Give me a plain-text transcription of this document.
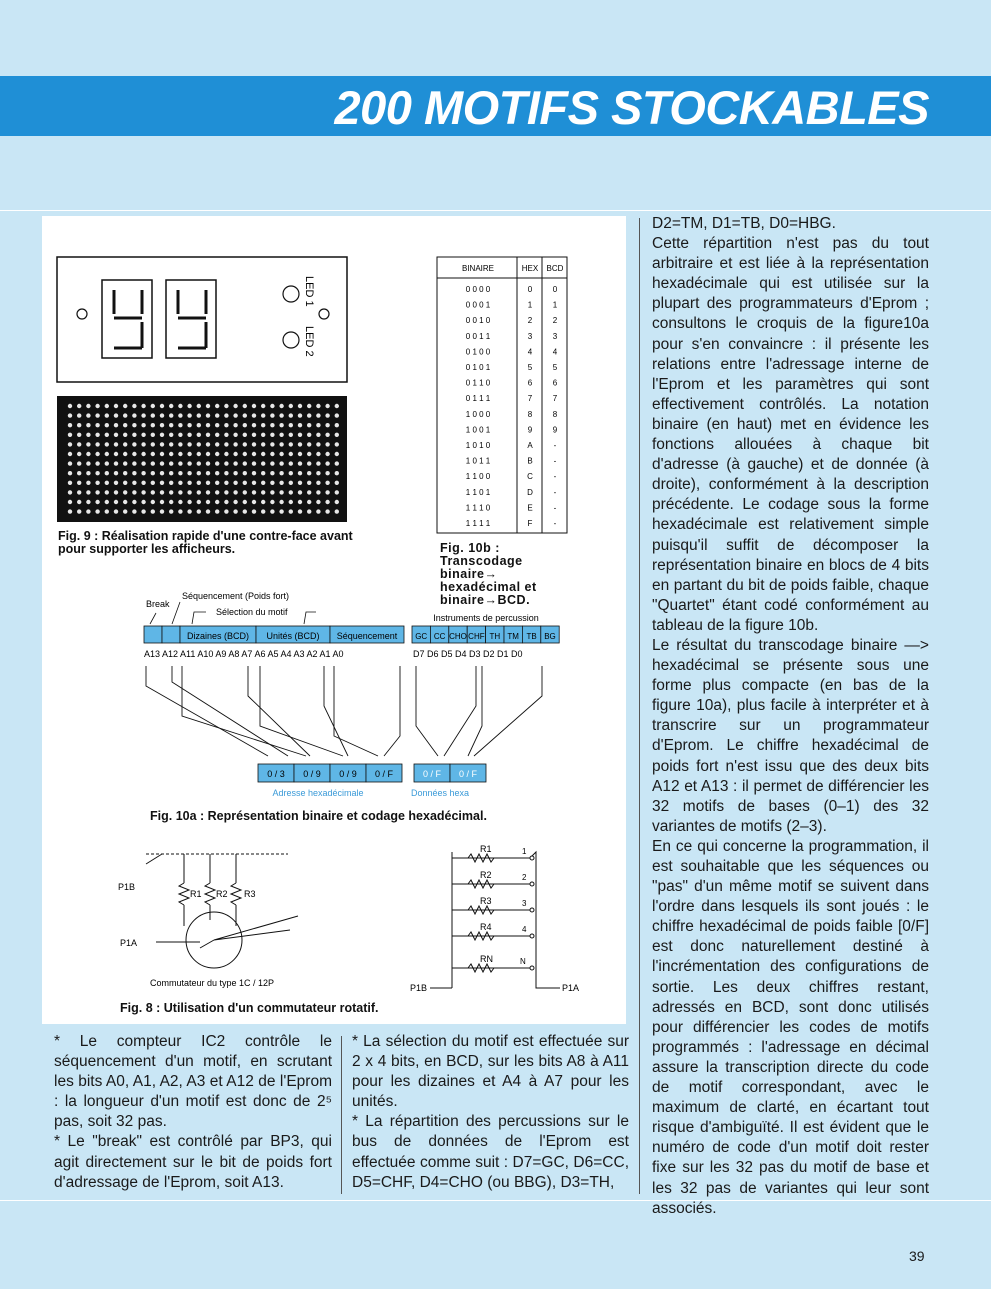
200 MOTIFS STOCKABLES
LED 1
LED 2
Fig. 9 : Réalisation rapide d'une contre-face avant pour supporter les afficheurs.
BINAIRE	HEX BCD
0 0 0 0	0	0
0 0 0 1	1	1
0 0 1 0	2	2
0 0 1 1	3	3
0 1 0 0	4	4
0 1 0 1	5	5
0 1 1 0	6	6
0 1 1 1	7	7
1 0 0 0	8	8
1 0 0 1	9	9
1 0 1 0	A	-
1 0 1 1	B	-
1 1 0 0	C	-
1 1 0 1	D	-
1 1 1 0	E	-
1 1 1 1	F	-
Fig. 10b : Transcodage binaire→ hexadécimal et binaire→BCD.
Break
Séquencement (Poids fort)
Sélection du motif
Dizaines (BCD) Unités (BCD) Séquencement
Instruments de percussion
GC CC CHO CHF TH TM TB BG
A13 A12 A11 A10 A9 A8 A7 A6 A5 A4 A3 A2 A1 A0	D7 D6 D5 D4 D3 D2 D1 D0
0 / 3 0 / 9 0 / 9 0 / F	0 / F 0 / F
Adresse hexadécimale	Données hexa
Fig. 10a : Représentation binaire et codage hexadécimal.
P1B
R1 R2 R3
P1A
Commutateur du type 1C / 12P
R1
R2
R3
R4
RN
1
2
3
4
N
P1B	P1A
Fig. 8 : Utilisation d'un commutateur rotatif.

* Le compteur IC2 contrôle le séquencement d'un motif, en scrutant les bits A0, A1, A2, A3 et A12 de l'Eprom : la longueur d'un motif est donc de 2⁵ pas, soit 32 pas.

* Le "break" est contrôlé par BP3, qui agit directement sur le bit de poids fort d'adressage de l'Eprom, soit A13.

* La sélection du motif est effectuée sur 2 x 4 bits, en BCD, sur les bits A8 à A11 pour les dizaines et A4 à A7 pour les unités.

* La répartition des percussions sur le bus de données de l'Eprom est effectuée comme suit : D7=GC, D6=CC, D5=CHF, D4=CHO (ou BBG), D3=TH,

D2=TM, D1=TB, D0=HBG.

Cette répartition n'est pas du tout arbitraire et est liée à la représentation hexadécimale qui est utilisée sur la plupart des programmateurs d'Eprom ; consultons le croquis de la figure10a pour s'en convaincre : il présente les relations entre l'adressage interne de l'Eprom et les paramètres qui sont effectivement contrôlés. La notation binaire (en haut) met en évidence les fonctions allouées à chaque bit d'adresse (à gauche) et de donnée (à droite), conformément à la description précédente. Le codage sous la forme hexadécimale est relativement simple puisqu'il suffit de décomposer la représentation binaire en blocs de 4 bits en partant du bit de poids faible, chaque "Quartet" étant codé conformément au tableau de la figure 10b.

Le résultat du transcodage binaire —> hexadécimal se présente sous une forme plus compacte (en bas de la figure 10a), plus facile à interpréter et à transcrire sur un programmateur d'Eprom. Le chiffre hexadécimal de poids fort n'est issu que des deux bits A12 et A13 : il permet de différencier les 32 motifs de bases (0–1) des 32 variantes de motifs (2–3).

En ce qui concerne la programmation, il est souhaitable que les séquences ou "pas" d'un même motif se suivent dans l'ordre dans lesquels ils sont joués : le chiffre hexadécimal de poids faible [0/F] est donc naturellement destiné à l'incrémentation des configurations de sortie. Les deux chiffres restant, adressés en BCD, sont donc utilisés pour différencier les codes de motifs programmés : l'adressage en décimal assure la transcription directe du code de motif correspondant, avec le maximum de clarté, en écartant tout risque d'ambiguïté. Il est évident que le numéro de code d'un motif doit rester fixe sur les 32 pas du motif de base et les 32 pas de variantes qui leur sont associés.

39
